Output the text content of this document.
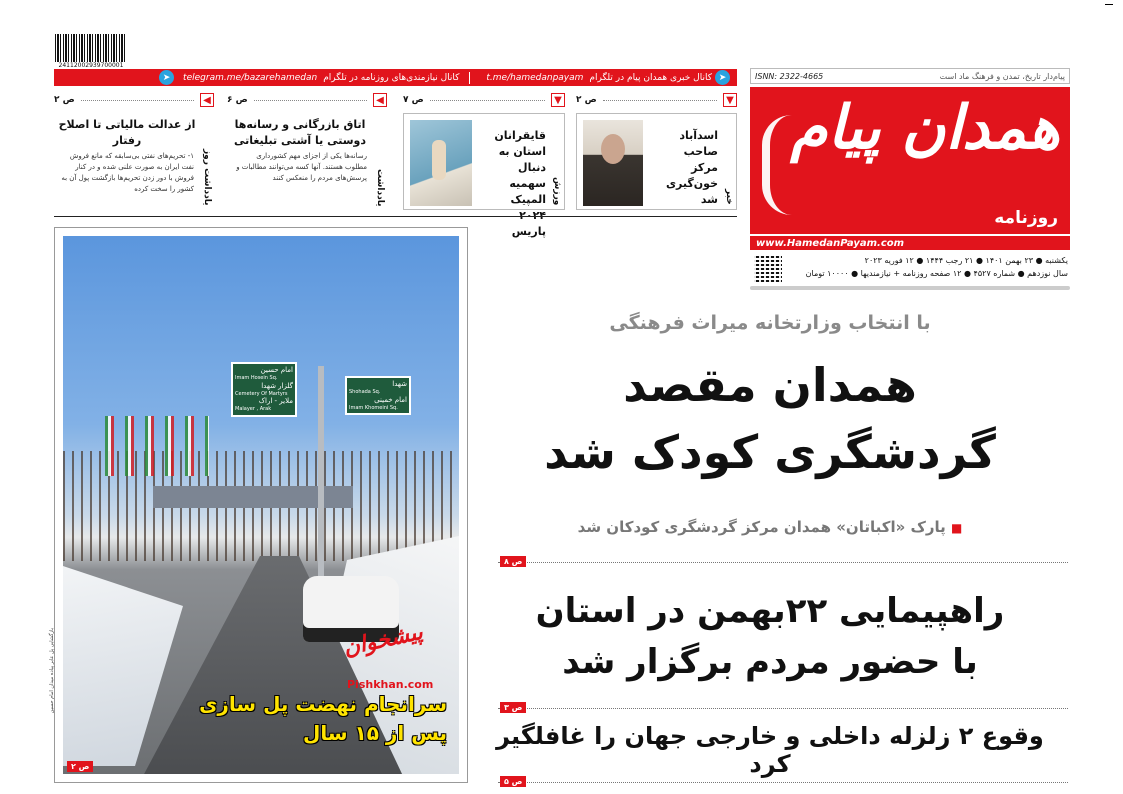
24112002939700001
➤
کانال خبری همدان پیام در تلگرام
t.me/hamedanpayam
کانال نیازمندی‌های روزنامه در تلگرام
telegram.me/bazarehamedan
➤
▼
ص ۲
خبر
اسدآباد صاحب مرکز خون‌گیری شد
▼
ص ۷
ورزش
قایقرانان استان به دنبال سهمیه المپیک ۲۰۲۴ پاریس
◀
ص ۶
یادداشت
اتاق بازرگانی و رسانه‌ها دوستی یا آشتی تبلیغاتی
رسانه‌ها یکی از اجزای مهم کشورداری مطلوب هستند. آنها کسه می‌توانند مطالبات و پرسش‌های مردم را منعکس کنند
◀
ص ۲
یادداشت روز
از عدالت مالیاتی تا اصلاح رفتار
۱- تحریم‌های نفتی بی‌سابقه که مانع فروش نفت ایران به صورت علنی شده و در کنار فروش با دور زدن تحریم‌ها بازگشت پول آن به کشور را سخت کرده
ISNN: 2322-4665	پیام‌دار تاریخ، تمدن و فرهنگ ماد است
همدان پیام
روزنامه
www.HamedanPayam.com
یکشنبه ● ۲۳ بهمن ۱۴۰۱ ● ۲۱ رجب ۱۴۴۴ ● ۱۲ فوریه ۲۰۲۳
سال نوزدهم ● شماره ۴۵۲۷ ● ۱۲ صفحه روزنامه + نیازمندیها ● ۱۰۰۰۰ تومان
امام حسین
Imam Hosein Sq.
گلزار شهدا
Cemetery Of Martyrs
ملایر - اراک
Malayer , Arak
شهدا
Shohada Sq.
امام خمینی
Imam Khomeini Sq.
پیشخوان
Pishkhan.com
سرانجام نهضت پل سازی
پس از ۱۵ سال
بازگشایی پل عابر پیاده میدان امام حسین
ص ۲
با انتخاب وزارتخانه میراث فرهنگی
همدان مقصد
گردشگری کودک شد
■ پارک «اکباتان» همدان مرکز گردشگری کودکان شد
ص ۸
راهپیمایی ۲۲بهمن در استان
با حضور مردم برگزار شد
ص ۳
وقوع ۲ زلزله داخلی و خارجی جهان را غافلگیر کرد
ص ۵
